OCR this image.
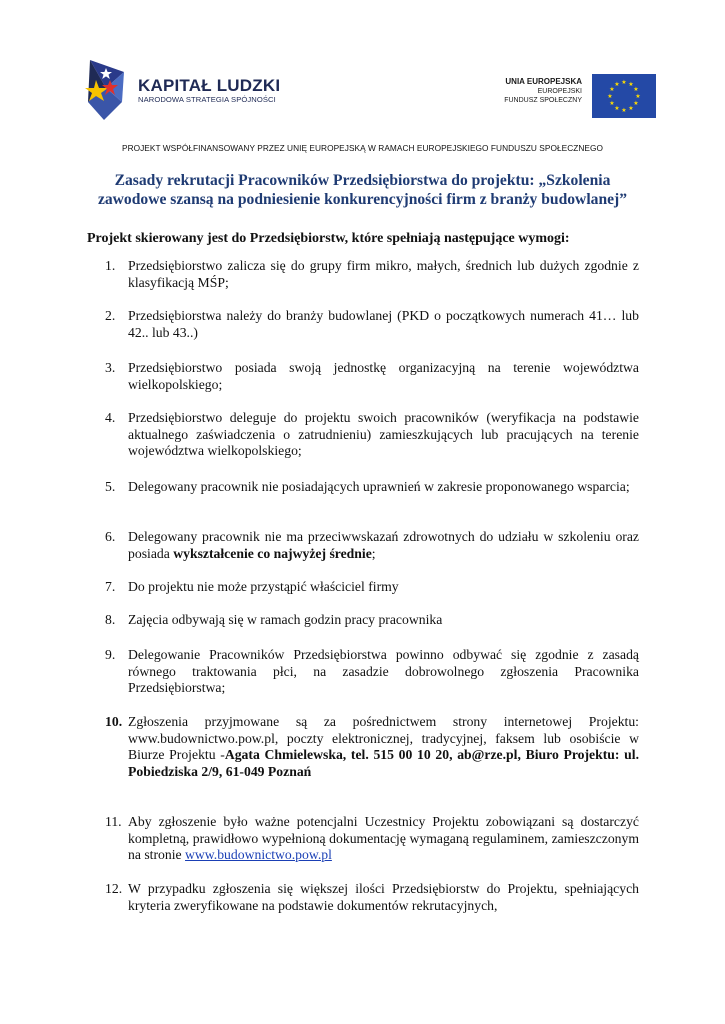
KAPITAŁ LUDZKI
NARODOWA STRATEGIA SPÓJNOŚCI
UNIA EUROPEJSKA
EUROPEJSKI
FUNDUSZ SPOŁECZNY
★ ★
★
★
★
★
★
★
★
★
★
★
PROJEKT WSPÓŁFINANSOWANY PRZEZ UNIĘ EUROPEJSKĄ W RAMACH EUROPEJSKIEGO FUNDUSZU SPOŁECZNEGO
Zasady rekrutacji Pracowników Przedsiębiorstwa do projektu: „Szkolenia
zawodowe szansą na podniesienie konkurencyjności firm z branży budowlanej”
Projekt skierowany jest do Przedsiębiorstw, które spełniają następujące wymogi:
1. Przedsiębiorstwo zalicza się do grupy firm mikro, małych, średnich lub dużych zgodnie z klasyfikacją MŚP;
2. Przedsiębiorstwa należy do branży budowlanej (PKD o początkowych numerach 41… lub 42.. lub 43..)
3. Przedsiębiorstwo posiada swoją jednostkę organizacyjną na terenie województwa wielkopolskiego;
4. Przedsiębiorstwo deleguje do projektu swoich pracowników (weryfikacja na podstawie aktualnego zaświadczenia o zatrudnieniu) zamieszkujących lub pracujących na terenie województwa wielkopolskiego;
5. Delegowany pracownik nie posiadających uprawnień w zakresie proponowanego wsparcia;
6. Delegowany pracownik nie ma przeciwwskazań zdrowotnych do udziału w szkoleniu oraz posiada wykształcenie co najwyżej średnie;
7. Do projektu nie może przystąpić właściciel firmy
8. Zajęcia odbywają się w ramach godzin pracy pracownika
9. Delegowanie Pracowników Przedsiębiorstwa powinno odbywać się zgodnie z zasadą równego traktowania płci, na zasadzie dobrowolnego zgłoszenia Pracownika Przedsiębiorstwa;
10. Zgłoszenia przyjmowane są za pośrednictwem strony internetowej Projektu: www.budownictwo.pow.pl, poczty elektronicznej, tradycyjnej, faksem lub osobiście w Biurze Projektu -Agata Chmielewska, tel. 515 00 10 20, ab@rze.pl, Biuro Projektu: ul. Pobiedziska 2/9, 61-049 Poznań
11. Aby zgłoszenie było ważne potencjalni Uczestnicy Projektu zobowiązani są dostarczyć kompletną, prawidłowo wypełnioną dokumentację wymaganą regulaminem, zamieszczonym na stronie www.budownictwo.pow.pl
12. W przypadku zgłoszenia się większej ilości Przedsiębiorstw do Projektu, spełniających kryteria zweryfikowane na podstawie dokumentów rekrutacyjnych,
